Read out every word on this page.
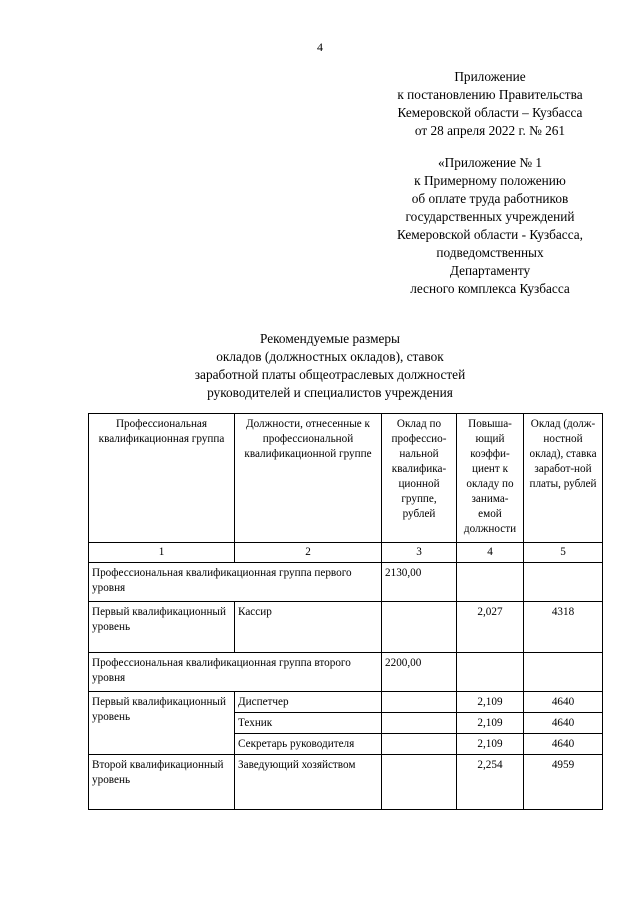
4
Приложение
к постановлению Правительства
Кемеровской области – Кузбасса
от 28 апреля 2022 г. № 261
«Приложение № 1
к Примерному положению
об оплате труда работников
государственных учреждений
Кемеровской области - Кузбасса,
подведомственных
Департаменту
лесного комплекса Кузбасса
Рекомендуемые размеры
окладов (должностных окладов), ставок
заработной платы общеотраслевых должностей
руководителей и специалистов учреждения
Профессиональная квалификационная группа	Должности, отнесенные к профессиональной квалификационной группе	Оклад по профессио-нальной квалифика-ционной группе, рублей	Повыша-ющий коэффи-циент к окладу по занима-емой должности	Оклад (долж-ностной оклад), ставка заработ-ной платы, рублей
1	2	3	4	5
Профессиональная квалификационная группа первого уровня		2130,00		
Первый квалификационный уровень	Кассир		2,027	4318
Профессиональная квалификационная группа второго уровня		2200,00		
Первый квалификационный уровень	Диспетчер		2,109	4640
	Техник		2,109	4640
	Секретарь руководителя		2,109	4640
Второй квалификационный уровень	Заведующий хозяйством		2,254	4959
